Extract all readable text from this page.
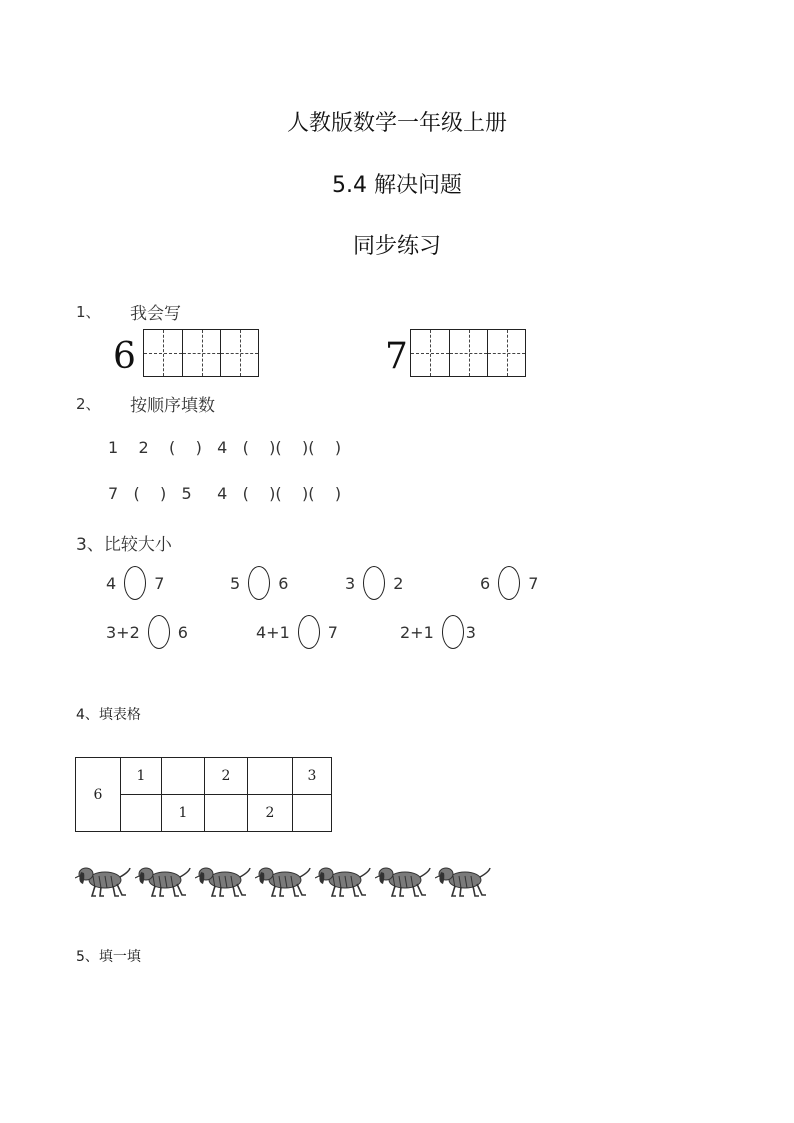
人教版数学一年级上册
5.4 解决问题
同步练习
1、 我会写
6	7
2、 按顺序填数
1    2    (    )   4   (    )(    )(    )
7   (    )   5     4   (    )(    )(    )
3、比较大小
4 7	5 6	3 2	6 7
3+2 6	4+1 7	2+1 3
4、填表格
6	1		2		3
		1		2	
5、填一填
